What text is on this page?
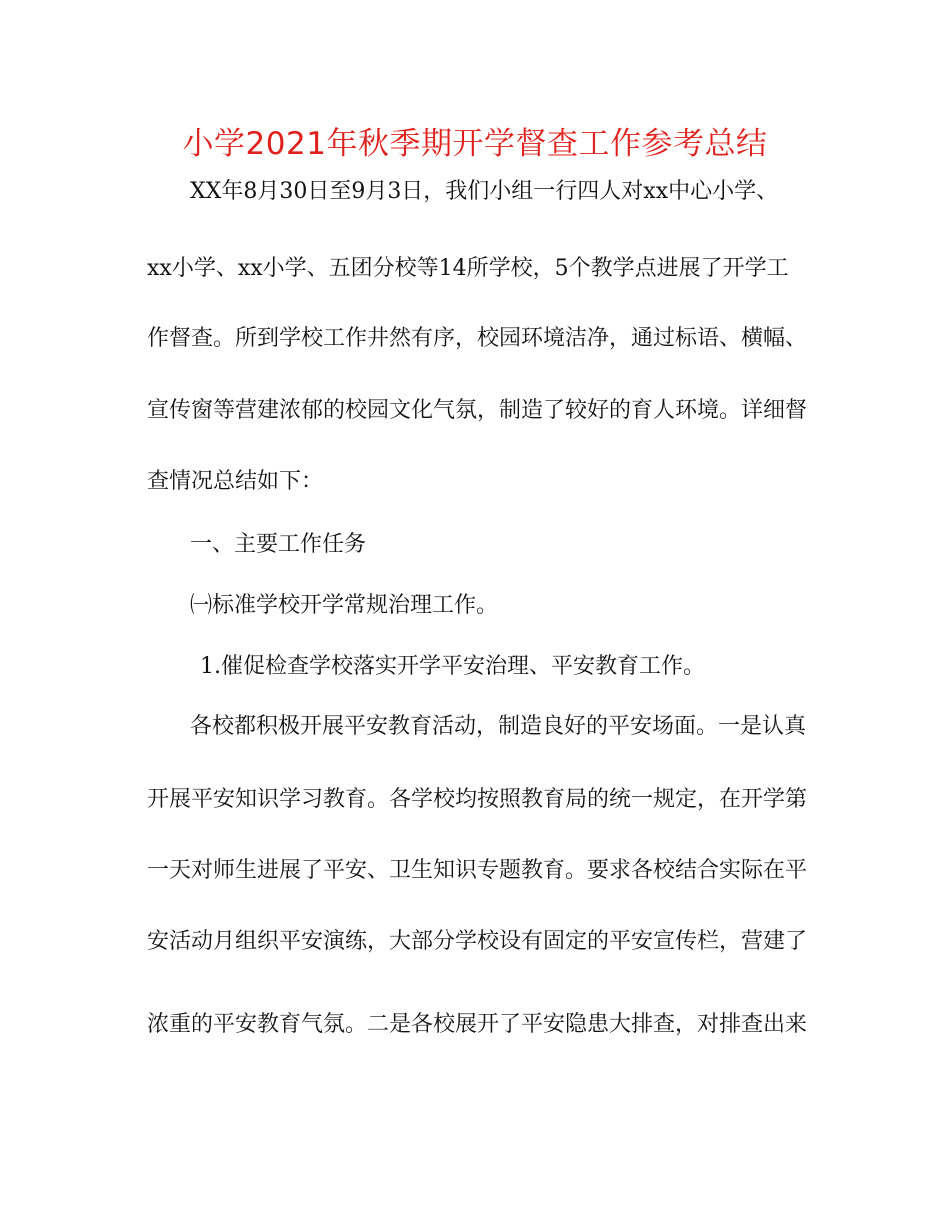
小学2021年秋季期开学督查工作参考总结
XX年8月30日至9月3日，我们小组一行四人对xx中心小学、
xx小学、xx小学、五团分校等14所学校，5个教学点进展了开学工
作督查。所到学校工作井然有序，校园环境洁净，通过标语、横幅、
宣传窗等营建浓郁的校园文化气氛，制造了较好的育人环境。详细督
查情况总结如下：
一、主要工作任务
㈠标准学校开学常规治理工作。
1.催促检查学校落实开学平安治理、平安教育工作。
各校都积极开展平安教育活动，制造良好的平安场面。一是认真
开展平安知识学习教育。各学校均按照教育局的统一规定，在开学第
一天对师生进展了平安、卫生知识专题教育。要求各校结合实际在平
安活动月组织平安演练，大部分学校设有固定的平安宣传栏，营建了
浓重的平安教育气氛。二是各校展开了平安隐患大排查，对排查出来
